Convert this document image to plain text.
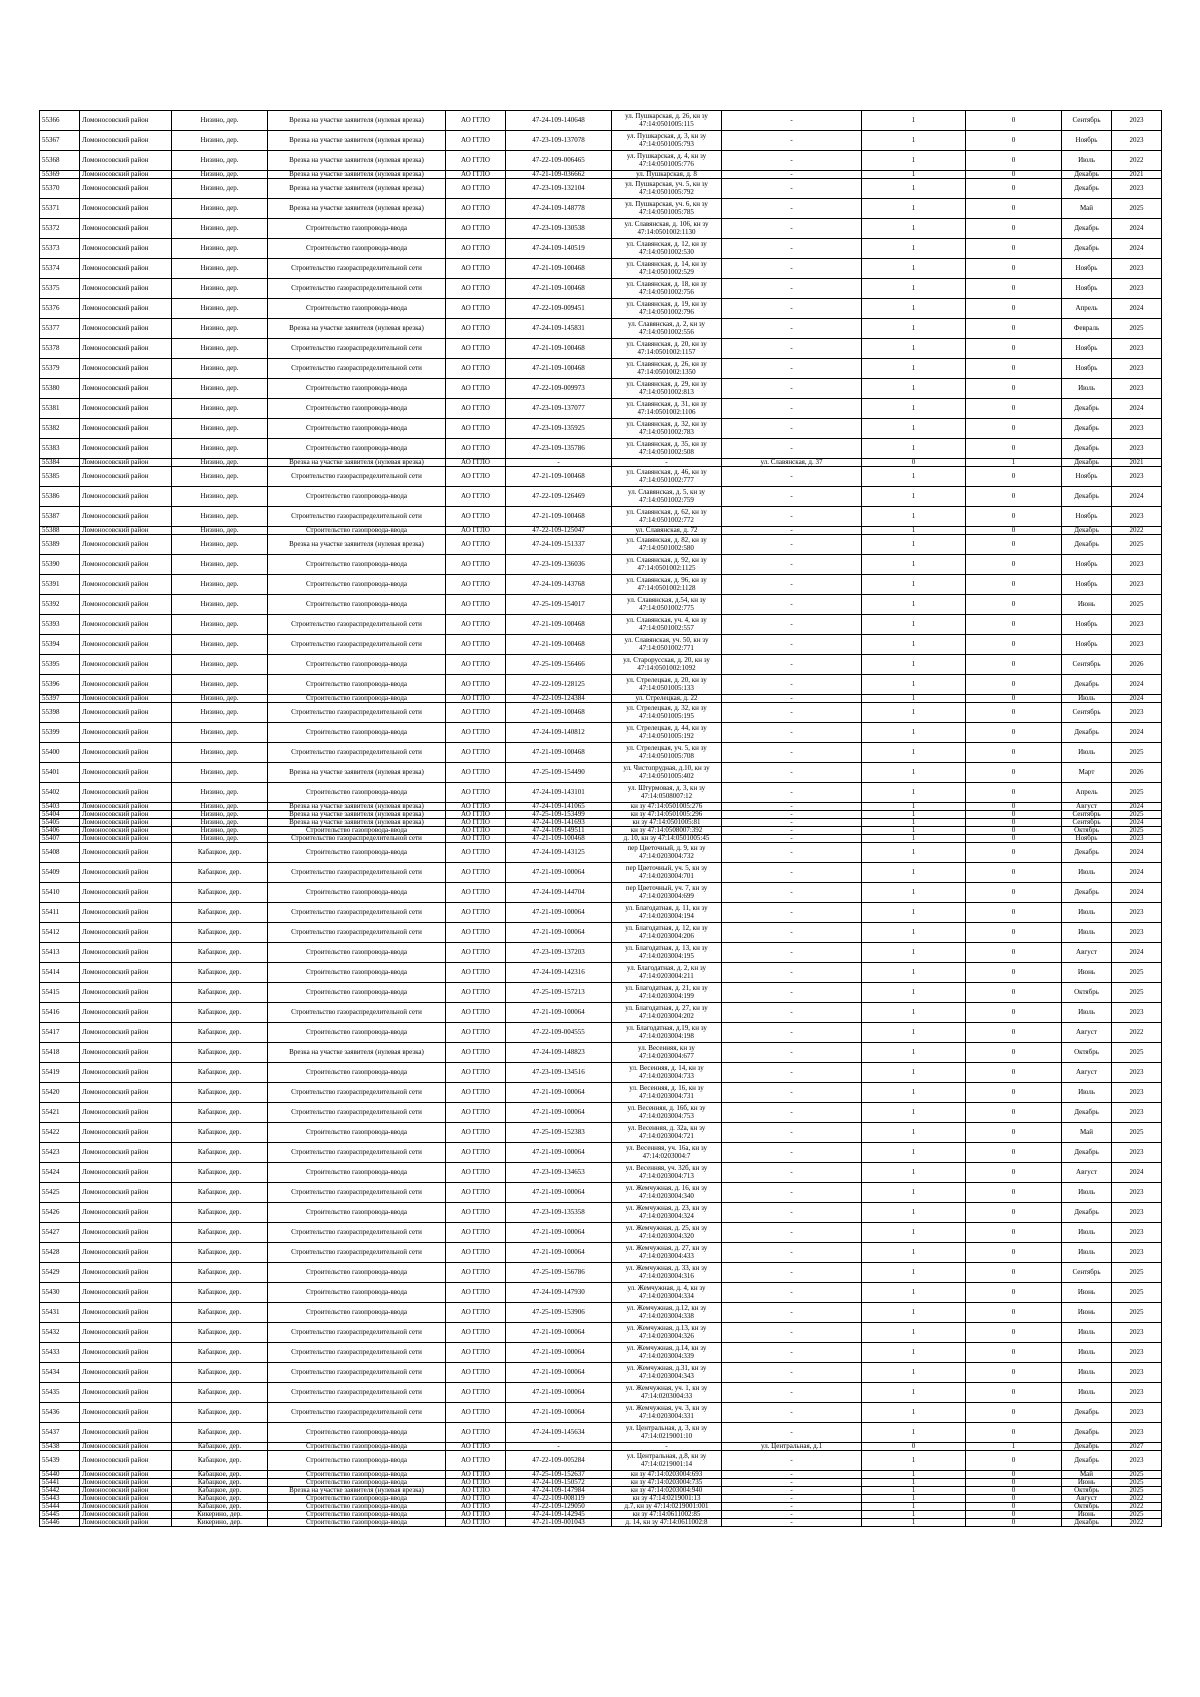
55366	Ломоносовский район	Низино, дер.	Врезка на участке заявителя (нулевая врезка)	АО ГГЛО	47-24-109-140648	ул. Пушкарская, д. 26, кн зу
47:14:0501005:115	-	1	0	Сентябрь	2023
55367	Ломоносовский район	Низино, дер.	Врезка на участке заявителя (нулевая врезка)	АО ГГЛО	47-23-109-137078	ул. Пушкарская, д. 3, кн зу
47:14:0501005:793	-	1	0	Ноябрь	2023
55368	Ломоносовский район	Низино, дер.	Врезка на участке заявителя (нулевая врезка)	АО ГГЛО	47-22-109-006465	ул. Пушкарская, д. 4, кн зу
47:14:0501005:776	-	1	0	Июль	2022
55369	Ломоносовский район	Низино, дер.	Врезка на участке заявителя (нулевая врезка)	АО ГГЛО	47-21-109-036662	ул. Пушкарская, д. 8	-	1	0	Декабрь	2021
55370	Ломоносовский район	Низино, дер.	Врезка на участке заявителя (нулевая врезка)	АО ГГЛО	47-23-109-132104	ул. Пушкарская, уч. 5, кн зу
47:14:0501005:792	-	1	0	Декабрь	2023
55371	Ломоносовский район	Низино, дер.	Врезка на участке заявителя (нулевая врезка)	АО ГГЛО	47-24-109-148778	ул. Пушкарская, уч. 6, кн зу
47:14:0501005:785	-	1	0	Май	2025
55372	Ломоносовский район	Низино, дер.	Строительство газопровода-ввода	АО ГГЛО	47-23-109-130538	ул. Славянская, д. 106, кн зу
47:14:0501002:1130	-	1	0	Декабрь	2024
55373	Ломоносовский район	Низино, дер.	Строительство газопровода-ввода	АО ГГЛО	47-24-109-140519	ул. Славянская, д. 12, кн зу
47:14:0501002:530	-	1	0	Декабрь	2024
55374	Ломоносовский район	Низино, дер.	Строительство газораспределительной сети	АО ГГЛО	47-21-109-100468	ул. Славянская, д. 14, кн зу
47:14:0501002:529	-	1	0	Ноябрь	2023
55375	Ломоносовский район	Низино, дер.	Строительство газораспределительной сети	АО ГГЛО	47-21-109-100468	ул. Славянская, д. 18, кн зу
47:14:0501002:756	-	1	0	Ноябрь	2023
55376	Ломоносовский район	Низино, дер.	Строительство газопровода-ввода	АО ГГЛО	47-22-109-009451	ул. Славянская, д. 19, кн зу
47:14:0501002:796	-	1	0	Апрель	2024
55377	Ломоносовский район	Низино, дер.	Врезка на участке заявителя (нулевая врезка)	АО ГГЛО	47-24-109-145831	ул. Славянская, д. 2, кн зу
47:14:0501002:556	-	1	0	Февраль	2025
55378	Ломоносовский район	Низино, дер.	Строительство газораспределительной сети	АО ГГЛО	47-21-109-100468	ул. Славянская, д. 20, кн зу
47:14:0501002:1157	-	1	0	Ноябрь	2023
55379	Ломоносовский район	Низино, дер.	Строительство газораспределительной сети	АО ГГЛО	47-21-109-100468	ул. Славянская, д. 26, кн зу
47:14:0501002:1350	-	1	0	Ноябрь	2023
55380	Ломоносовский район	Низино, дер.	Строительство газопровода-ввода	АО ГГЛО	47-22-109-009973	ул. Славянская, д. 29, кн зу
47:14:0501002:813	-	1	0	Июль	2023
55381	Ломоносовский район	Низино, дер.	Строительство газопровода-ввода	АО ГГЛО	47-23-109-137077	ул. Славянская, д. 31, кн зу
47:14:0501002:1106	-	1	0	Декабрь	2024
55382	Ломоносовский район	Низино, дер.	Строительство газопровода-ввода	АО ГГЛО	47-23-109-135925	ул. Славянская, д. 32, кн зу
47:14:0501002:783	-	1	0	Декабрь	2023
55383	Ломоносовский район	Низино, дер.	Строительство газопровода-ввода	АО ГГЛО	47-23-109-135786	ул. Славянская, д. 35, кн зу
47:14:0501002:508	-	1	0	Декабрь	2023
55384	Ломоносовский район	Низино, дер.	Врезка на участке заявителя (нулевая врезка)	АО ГГЛО	-	-	ул. Славянская, д. 37	0	1	Декабрь	2021
55385	Ломоносовский район	Низино, дер.	Строительство газораспределительной сети	АО ГГЛО	47-21-109-100468	ул. Славянская, д. 46, кн зу
47:14:0501002:777	-	1	0	Ноябрь	2023
55386	Ломоносовский район	Низино, дер.	Строительство газопровода-ввода	АО ГГЛО	47-22-109-126469	ул. Славянская, д. 5, кн зу
47:14:0501002:759	-	1	0	Декабрь	2024
55387	Ломоносовский район	Низино, дер.	Строительство газораспределительной сети	АО ГГЛО	47-21-109-100468	ул. Славянская, д. 62, кн зу
47:14:0501002:772	-	1	0	Ноябрь	2023
55388	Ломоносовский район	Низино, дер.	Строительство газопровода-ввода	АО ГГЛО	47-22-109-125047	ул. Славянская, д. 72	-	1	0	Декабрь	2022
55389	Ломоносовский район	Низино, дер.	Врезка на участке заявителя (нулевая врезка)	АО ГГЛО	47-24-109-151337	ул. Славянская, д. 82, кн зу
47:14:0501002:580	-	1	0	Декабрь	2025
55390	Ломоносовский район	Низино, дер.	Строительство газопровода-ввода	АО ГГЛО	47-23-109-136036	ул. Славянская, д. 92, кн зу
47:14:0501002:1125	-	1	0	Ноябрь	2023
55391	Ломоносовский район	Низино, дер.	Строительство газопровода-ввода	АО ГГЛО	47-24-109-143768	ул. Славянская, д. 96, кн зу
47:14:0501002:1128	-	1	0	Ноябрь	2023
55392	Ломоносовский район	Низино, дер.	Строительство газопровода-ввода	АО ГГЛО	47-25-109-154017	ул. Славянская, д.54, кн зу
47:14:0501002:775	-	1	0	Июнь	2025
55393	Ломоносовский район	Низино, дер.	Строительство газораспределительной сети	АО ГГЛО	47-21-109-100468	ул. Славянская, уч. 4, кн зу
47:14:0501002:557	-	1	0	Ноябрь	2023
55394	Ломоносовский район	Низино, дер.	Строительство газораспределительной сети	АО ГГЛО	47-21-109-100468	ул. Славянская, уч. 50, кн зу
47:14:0501002:771	-	1	0	Ноябрь	2023
55395	Ломоносовский район	Низино, дер.	Строительство газопровода-ввода	АО ГГЛО	47-25-109-156466	ул. Староруcская, д. 20, кн зу
47:14:0501002:1092	-	1	0	Сентябрь	2026
55396	Ломоносовский район	Низино, дер.	Строительство газопровода-ввода	АО ГГЛО	47-22-109-128125	ул. Стрелецкая, д. 20, кн зу
47:14:0501005:133	-	1	0	Декабрь	2024
55397	Ломоносовский район	Низино, дер.	Строительство газопровода-ввода	АО ГГЛО	47-22-109-124384	ул. Стрелецкая, д. 22	-	1	0	Июль	2024
55398	Ломоносовский район	Низино, дер.	Строительство газораспределительной сети	АО ГГЛО	47-21-109-100468	ул. Стрелецкая, д. 32, кн зу
47:14:0501005:195	-	1	0	Сентябрь	2023
55399	Ломоносовский район	Низино, дер.	Строительство газопровода-ввода	АО ГГЛО	47-24-109-140812	ул. Стрелецкая, д. 44, кн зу
47:14:0501005:192	-	1	0	Декабрь	2024
55400	Ломоносовский район	Низино, дер.	Строительство газораспределительной сети	АО ГГЛО	47-21-109-100468	ул. Стрелецкая, уч. 5, кн зу
47:14:0501005:708	-	1	0	Июль	2025
55401	Ломоносовский район	Низино, дер.	Врезка на участке заявителя (нулевая врезка)	АО ГГЛО	47-25-109-154490	ул. Чистопрудная, д.10, кн зу
47:14:0501005:402	-	1	0	Март	2026
55402	Ломоносовский район	Низино, дер.	Строительство газопровода-ввода	АО ГГЛО	47-24-109-143101	ул. Штурмовая, д. 3, кн зу
47:14:0508007:12	-	1	0	Апрель	2025
55403	Ломоносовский район	Низино, дер.	Врезка на участке заявителя (нулевая врезка)	АО ГГЛО	47-24-109-141065	кн зу 47:14:0501005:276	-	1	0	Август	2024
55404	Ломоносовский район	Низино, дер.	Врезка на участке заявителя (нулевая врезка)	АО ГГЛО	47-25-109-153499	кн зу 47:14:0501005:296	-	1	0	Сентябрь	2025
55405	Ломоносовский район	Низино, дер.	Врезка на участке заявителя (нулевая врезка)	АО ГГЛО	47-24-109-141693	кн зу 47:14:0501005:81	-	1	0	Сентябрь	2024
55406	Ломоносовский район	Низино, дер.	Строительство газопровода-ввода	АО ГГЛО	47-24-109-149511	кн зу 47:14:0508007:392	-	1	0	Октябрь	2025
55407	Ломоносовский район	Низино, дер.	Строительство газораспределительной сети	АО ГГЛО	47-21-109-100468	д. 10, кн зу 47:14:0501005:45	-	1	0	Ноябрь	2023
55408	Ломоносовский район	Кабацкое, дер.	Строительство газопровода-ввода	АО ГГЛО	47-24-109-143125	пер Цветочный, д. 9, кн зу
47:14:0203004:732	-	1	0	Декабрь	2024
55409	Ломоносовский район	Кабацкое, дер.	Строительство газораспределительной сети	АО ГГЛО	47-21-109-100064	пер Цветочный, уч. 5, кн зу
47:14:0203004:701	-	1	0	Июль	2024
55410	Ломоносовский район	Кабацкое, дер.	Строительство газопровода-ввода	АО ГГЛО	47-24-109-144704	пер Цветочный, уч. 7, кн зу
47:14:0203004:699	-	1	0	Декабрь	2024
55411	Ломоносовский район	Кабацкое, дер.	Строительство газораспределительной сети	АО ГГЛО	47-21-109-100064	ул. Благодатная, д. 11, кн зу
47:14:0203004:194	-	1	0	Июль	2023
55412	Ломоносовский район	Кабацкое, дер.	Строительство газораспределительной сети	АО ГГЛО	47-21-109-100064	ул. Благодатная, д. 12, кн зу
47:14:0203004:206	-	1	0	Июль	2023
55413	Ломоносовский район	Кабацкое, дер.	Строительство газопровода-ввода	АО ГГЛО	47-23-109-137203	ул. Благодатная, д. 13, кн зу
47:14:0203004:195	-	1	0	Август	2024
55414	Ломоносовский район	Кабацкое, дер.	Строительство газопровода-ввода	АО ГГЛО	47-24-109-142316	ул. Благодатная, д. 2, кн зу
47:14:0203004:211	-	1	0	Июнь	2025
55415	Ломоносовский район	Кабацкое, дер.	Строительство газопровода-ввода	АО ГГЛО	47-25-109-157213	ул. Благодатная, д. 21, кн зу
47:14:0203004:199	-	1	0	Октябрь	2025
55416	Ломоносовский район	Кабацкое, дер.	Строительство газораспределительной сети	АО ГГЛО	47-21-109-100064	ул. Благодатная, д. 27, кн зу
47:14:0203004:202	-	1	0	Июль	2023
55417	Ломоносовский район	Кабацкое, дер.	Строительство газопровода-ввода	АО ГГЛО	47-22-109-004555	ул. Благодатная, д.19, кн зу
47:14:0203004:198	-	1	0	Август	2022
55418	Ломоносовский район	Кабацкое, дер.	Врезка на участке заявителя (нулевая врезка)	АО ГГЛО	47-24-109-148823	ул. Весенняя, кн зу
47:14:0203004:677	-	1	0	Октябрь	2025
55419	Ломоносовский район	Кабацкое, дер.	Строительство газопровода-ввода	АО ГГЛО	47-23-109-134516	ул. Весенняя, д. 14, кн зу
47:14:0203004:733	-	1	0	Август	2023
55420	Ломоносовский район	Кабацкое, дер.	Строительство газораспределительной сети	АО ГГЛО	47-21-109-100064	ул. Весенняя, д. 16, кн зу
47:14:0203004:731	-	1	0	Июль	2023
55421	Ломоносовский район	Кабацкое, дер.	Строительство газораспределительной сети	АО ГГЛО	47-21-109-100064	ул. Весенняя, д. 16б, кн зу
47:14:0203004:753	-	1	0	Декабрь	2023
55422	Ломоносовский район	Кабацкое, дер.	Строительство газопровода-ввода	АО ГГЛО	47-25-109-152383	ул. Весенняя, д. 32а, кн зу
47:14:0203004:721	-	1	0	Май	2025
55423	Ломоносовский район	Кабацкое, дер.	Строительство газораспределительной сети	АО ГГЛО	47-21-109-100064	ул. Весенняя, уч. 16а, кн зу
47:14:0203004:7	-	1	0	Декабрь	2023
55424	Ломоносовский район	Кабацкое, дер.	Строительство газопровода-ввода	АО ГГЛО	47-23-109-134653	ул. Весенняя, уч. 32б, кн зу
47:14:0203004:713	-	1	0	Август	2024
55425	Ломоносовский район	Кабацкое, дер.	Строительство газораспределительной сети	АО ГГЛО	47-21-109-100064	ул. Жемчужная, д. 16, кн зу
47:14:0203004:340	-	1	0	Июль	2023
55426	Ломоносовский район	Кабацкое, дер.	Строительство газопровода-ввода	АО ГГЛО	47-23-109-135358	ул. Жемчужная, д. 23, кн зу
47:14:0203004:324	-	1	0	Декабрь	2023
55427	Ломоносовский район	Кабацкое, дер.	Строительство газораспределительной сети	АО ГГЛО	47-21-109-100064	ул. Жемчужная, д. 25, кн зу
47:14:0203004:320	-	1	0	Июль	2023
55428	Ломоносовский район	Кабацкое, дер.	Строительство газораспределительной сети	АО ГГЛО	47-21-109-100064	ул. Жемчужная, д. 27, кн зу
47:14:0203004:433	-	1	0	Июль	2023
55429	Ломоносовский район	Кабацкое, дер.	Строительство газопровода-ввода	АО ГГЛО	47-25-109-156786	ул. Жемчужная, д. 33, кн зу
47:14:0203004:316	-	1	0	Сентябрь	2025
55430	Ломоносовский район	Кабацкое, дер.	Строительство газопровода-ввода	АО ГГЛО	47-24-109-147930	ул. Жемчужная, д. 4, кн зу
47:14:0203004:334	-	1	0	Июнь	2025
55431	Ломоносовский район	Кабацкое, дер.	Строительство газопровода-ввода	АО ГГЛО	47-25-109-153906	ул. Жемчужная, д.12, кн зу
47:14:0203004:338	-	1	0	Июнь	2025
55432	Ломоносовский район	Кабацкое, дер.	Строительство газораспределительной сети	АО ГГЛО	47-21-109-100064	ул. Жемчужная, д.13, кн зу
47:14:0203004:326	-	1	0	Июль	2023
55433	Ломоносовский район	Кабацкое, дер.	Строительство газораспределительной сети	АО ГГЛО	47-21-109-100064	ул. Жемчужная, д.14, кн зу
47:14:0203004:339	-	1	0	Июль	2023
55434	Ломоносовский район	Кабацкое, дер.	Строительство газораспределительной сети	АО ГГЛО	47-21-109-100064	ул. Жемчужная, д.31, кн зу
47:14:0203004:343	-	1	0	Июль	2023
55435	Ломоносовский район	Кабацкое, дер.	Строительство газораспределительной сети	АО ГГЛО	47-21-109-100064	ул. Жемчужная, уч. 1, кн зу
47:14:0203004:33	-	1	0	Июль	2023
55436	Ломоносовский район	Кабацкое, дер.	Строительство газораспределительной сети	АО ГГЛО	47-21-109-100064	ул. Жемчужная, уч. 3, кн зу
47:14:0203004:331	-	1	0	Декабрь	2023
55437	Ломоносовский район	Кабацкое, дер.	Строительство газопровода-ввода	АО ГГЛО	47-24-109-145634	ул. Центральная, д. 3, кн зу
47:14:0219001:10	-	1	0	Декабрь	2023
55438	Ломоносовский район	Кабацкое, дер.	Строительство газопровода-ввода	АО ГГЛО	-	-	ул. Центральная, д.1	0	1	Декабрь	2027
55439	Ломоносовский район	Кабацкое, дер.	Строительство газопровода-ввода	АО ГГЛО	47-22-109-005284	ул. Центральная, д.8, кн зу
47:14:0219001:14	-	1	0	Декабрь	2023
55440	Ломоносовский район	Кабацкое, дер.	Строительство газопровода-ввода	АО ГГЛО	47-25-109-152637	кн зу 47:14:0203004:693	-	1	0	Май	2025
55441	Ломоносовский район	Кабацкое, дер.	Строительство газопровода-ввода	АО ГГЛО	47-24-109-150572	кн зу 47:14:0203004:735	-	1	0	Июнь	2025
55442	Ломоносовский район	Кабацкое, дер.	Врезка на участке заявителя (нулевая врезка)	АО ГГЛО	47-24-109-147984	кн зу 47:14:0203004:940	-	1	0	Октябрь	2025
55443	Ломоносовский район	Кабацкое, дер.	Строительство газопровода-ввода	АО ГГЛО	47-22-109-008119	кн зу 47:14:0219001:13	-	1	0	Август	2022
55444	Ломоносовский район	Кабацкое, дер.	Строительство газопровода-ввода	АО ГГЛО	47-22-109-129050	д.7, кн зу 47:14:0219001:001	-	1	0	Октябрь	2022
55445	Ломоносовский район	Кикерино, дер.	Строительство газопровода-ввода	АО ГГЛО	47-24-109-142945	кн зу 47:14:0611002:85	-	1	0	Июнь	2025
55446	Ломоносовский район	Кикерино, дер.	Строительство газопровода-ввода	АО ГГЛО	47-21-109-001043	д. 14, кн зу 47:14:0611002:8	-	1	0	Декабрь	2022
